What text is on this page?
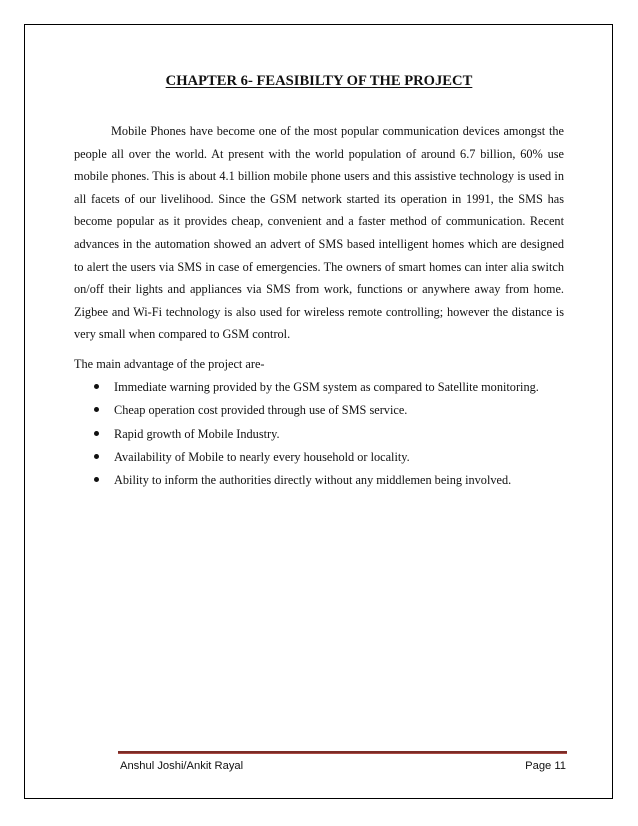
CHAPTER 6- FEASIBILTY OF THE PROJECT

Mobile Phones have become one of the most popular communication devices amongst the people all over the world. At present with the world population of around 6.7 billion, 60% use mobile phones. This is about 4.1 billion mobile phone users and this assistive technology is used in all facets of our livelihood. Since the GSM network started its operation in 1991, the SMS has become popular as it provides cheap, convenient and a faster method of communication. Recent advances in the automation showed an advert of SMS based intelligent homes which are designed to alert the users via SMS in case of emergencies. The owners of smart homes can inter alia switch on/off their lights and appliances via SMS from work, functions or anywhere away from home. Zigbee and Wi-Fi technology is also used for wireless remote controlling; however the distance is very small when compared to GSM control.

The main advantage of the project are-

Immediate warning provided by the GSM system as compared to Satellite monitoring.
Cheap operation cost provided through use of SMS service.
Rapid growth of Mobile Industry.
Availability of Mobile to nearly every household or locality.
Ability to inform the authorities directly without any middlemen being involved.
Anshul Joshi/Ankit Rayal	Page 11
